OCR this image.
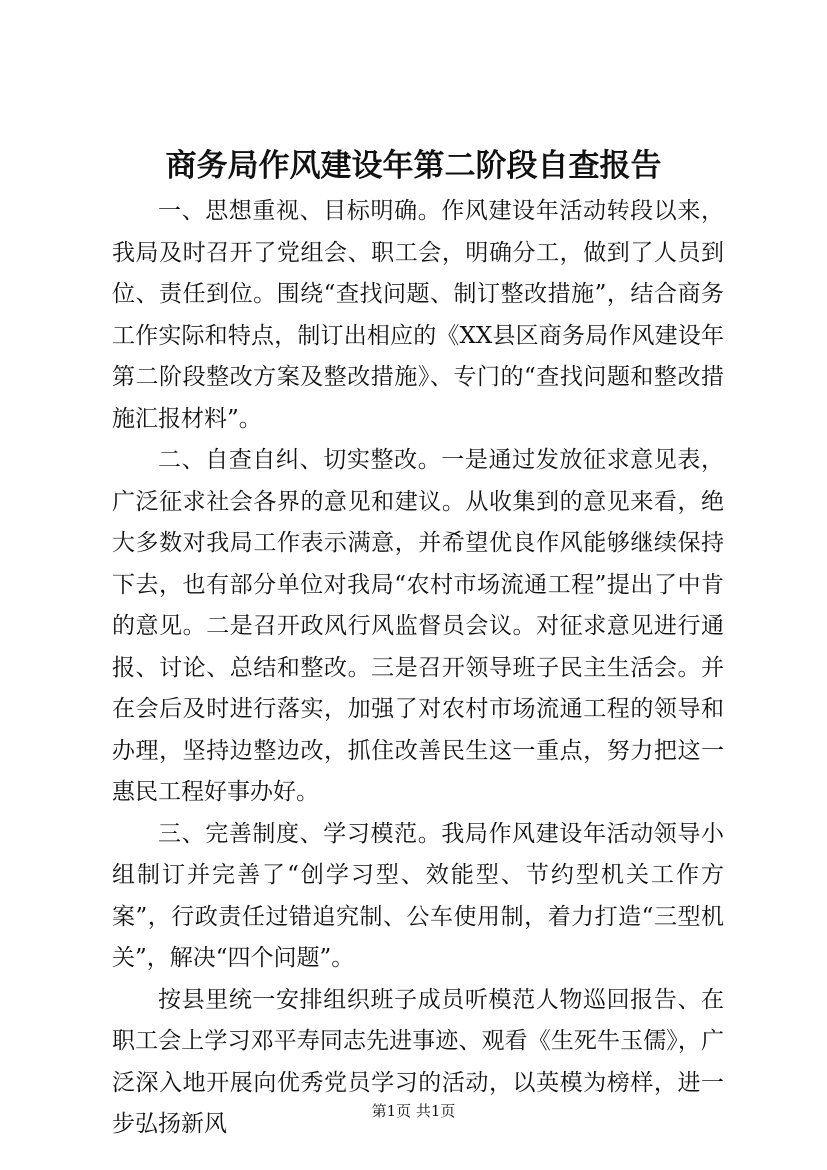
商务局作风建设年第二阶段自查报告

一、思想重视、目标明确。作风建设年活动转段以来，我局及时召开了党组会、职工会，明确分工，做到了人员到位、责任到位。围绕“查找问题、制订整改措施”，结合商务工作实际和特点，制订出相应的《XX县区商务局作风建设年第二阶段整改方案及整改措施》、专门的“查找问题和整改措施汇报材料”。

二、自查自纠、切实整改。一是通过发放征求意见表，广泛征求社会各界的意见和建议。从收集到的意见来看，绝大多数对我局工作表示满意，并希望优良作风能够继续保持下去，也有部分单位对我局“农村市场流通工程”提出了中肯的意见。二是召开政风行风监督员会议。对征求意见进行通报、讨论、总结和整改。三是召开领导班子民主生活会。并在会后及时进行落实，加强了对农村市场流通工程的领导和办理，坚持边整边改，抓住改善民生这一重点，努力把这一惠民工程好事办好。

三、完善制度、学习模范。我局作风建设年活动领导小组制订并完善了“创学习型、效能型、节约型机关工作方案”，行政责任过错追究制、公车使用制，着力打造“三型机关”，解决“四个问题”。

按县里统一安排组织班子成员听模范人物巡回报告、在职工会上学习邓平寿同志先进事迹、观看《生死牛玉儒》，广泛深入地开展向优秀党员学习的活动，以英模为榜样，进一步弘扬新风	第1页 共1页
